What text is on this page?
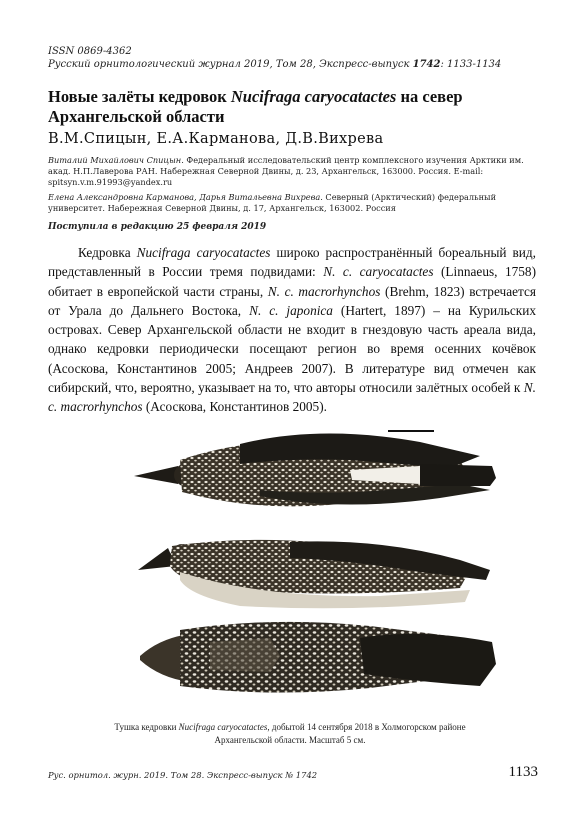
ISSN 0869-4362
Русский орнитологический журнал 2019, Том 28, Экспресс-выпуск 1742: 1133-1134
Новые залёты кедровок Nucifraga caryocatactes на север Архангельской области
В.М.Спицын, Е.А.Карманова, Д.В.Вихрева
Виталий Михайлович Спицын. Федеральный исследовательский центр комплексного изучения Арктики им. акад. Н.П.Лаверова РАН. Набережная Северной Двины, д. 23, Архангельск, 163000. Россия. E-mail: spitsyn.v.m.91993@yandex.ru
Елена Александровна Карманова, Дарья Витальевна Вихрева. Северный (Арктический) федеральный университет. Набережная Северной Двины, д. 17, Архангельск, 163002. Россия
Поступила в редакцию 25 февраля 2019

Кедровка Nucifraga caryocatactes широко распространённый бореальный вид, представленный в России тремя подвидами: N. c. caryocatactes (Linnaeus, 1758) обитает в европейской части страны, N. c. macrorhynchos (Brehm, 1823) встречается от Урала до Дальнего Востока, N. c. japonica (Hartert, 1897) – на Курильских островах. Север Архангельской области не входит в гнездовую часть ареала вида, однако кедровки периодически посещают регион во время осенних кочёвок (Асоскова, Константинов 2005; Андреев 2007). В литературе вид отмечен как сибирский, что, вероятно, указывает на то, что авторы относили залётных особей к N. c. macrorhynchos (Асоскова, Константинов 2005).

Тушка кедровки Nucifraga caryocatactes, добытой 14 сентября 2018 в Холмогорском районе Архангельской области. Масштаб 5 см.
Рус. орнитол. журн. 2019. Том 28. Экспресс-выпуск № 1742	1133
